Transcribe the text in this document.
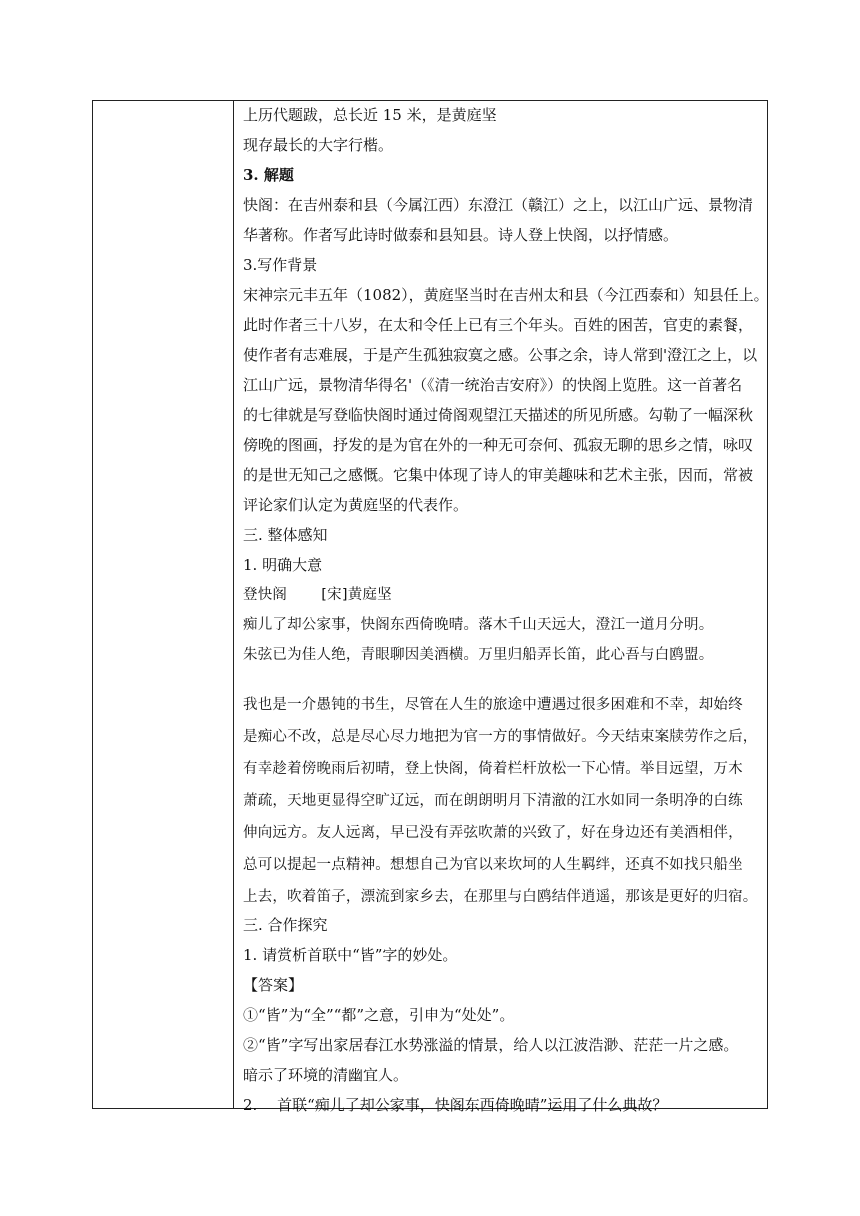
上历代题跋，总长近 15 米，是黄庭坚
现存最长的大字行楷。
3. 解题
快阁：在吉州泰和县（今属江西）东澄江（赣江）之上，以江山广远、景物清
华著称。作者写此诗时做泰和县知县。诗人登上快阁，以抒情感。
3.写作背景
宋神宗元丰五年（1082），黄庭坚当时在吉州太和县（今江西泰和）知县任上。
此时作者三十八岁，在太和令任上已有三个年头。百姓的困苦，官吏的素餐，
使作者有志难展，于是产生孤独寂寞之感。公事之余，诗人常到'澄江之上，以
江山广远，景物清华得名'（《清一统治吉安府》）的快阁上览胜。这一首著名
的七律就是写登临快阁时通过倚阁观望江天描述的所见所感。勾勒了一幅深秋
傍晚的图画，抒发的是为官在外的一种无可奈何、孤寂无聊的思乡之情，咏叹
的是世无知己之感慨。它集中体现了诗人的审美趣味和艺术主张，因而，常被
评论家们认定为黄庭坚的代表作。
三. 整体感知
1. 明确大意
登快阁　　 [宋]黄庭坚
痴儿了却公家事，快阁东西倚晚晴。落木千山天远大，澄江一道月分明。
朱弦已为佳人绝，青眼聊因美酒横。万里归船弄长笛，此心吾与白鸥盟。
我也是一介愚钝的书生，尽管在人生的旅途中遭遇过很多困难和不幸，却始终
是痴心不改，总是尽心尽力地把为官一方的事情做好。今天结束案牍劳作之后，
有幸趁着傍晚雨后初晴，登上快阁，倚着栏杆放松一下心情。举目远望，万木
萧疏，天地更显得空旷辽远，而在朗朗明月下清澈的江水如同一条明净的白练
伸向远方。友人远离，早已没有弄弦吹萧的兴致了，好在身边还有美酒相伴，
总可以提起一点精神。想想自己为官以来坎坷的人生羁绊，还真不如找只船坐
上去，吹着笛子，漂流到家乡去，在那里与白鸥结伴逍遥，那该是更好的归宿。
三. 合作探究
1. 请赏析首联中“皆”字的妙处。
【答案】
①“皆”为“全”“都”之意，引申为“处处”。
②“皆”字写出家居春江水势涨溢的情景，给人以江波浩渺、茫茫一片之感。
暗示了环境的清幽宜人。
2.　 首联“痴儿了却公家事，快阁东西倚晚晴”运用了什么典故？
